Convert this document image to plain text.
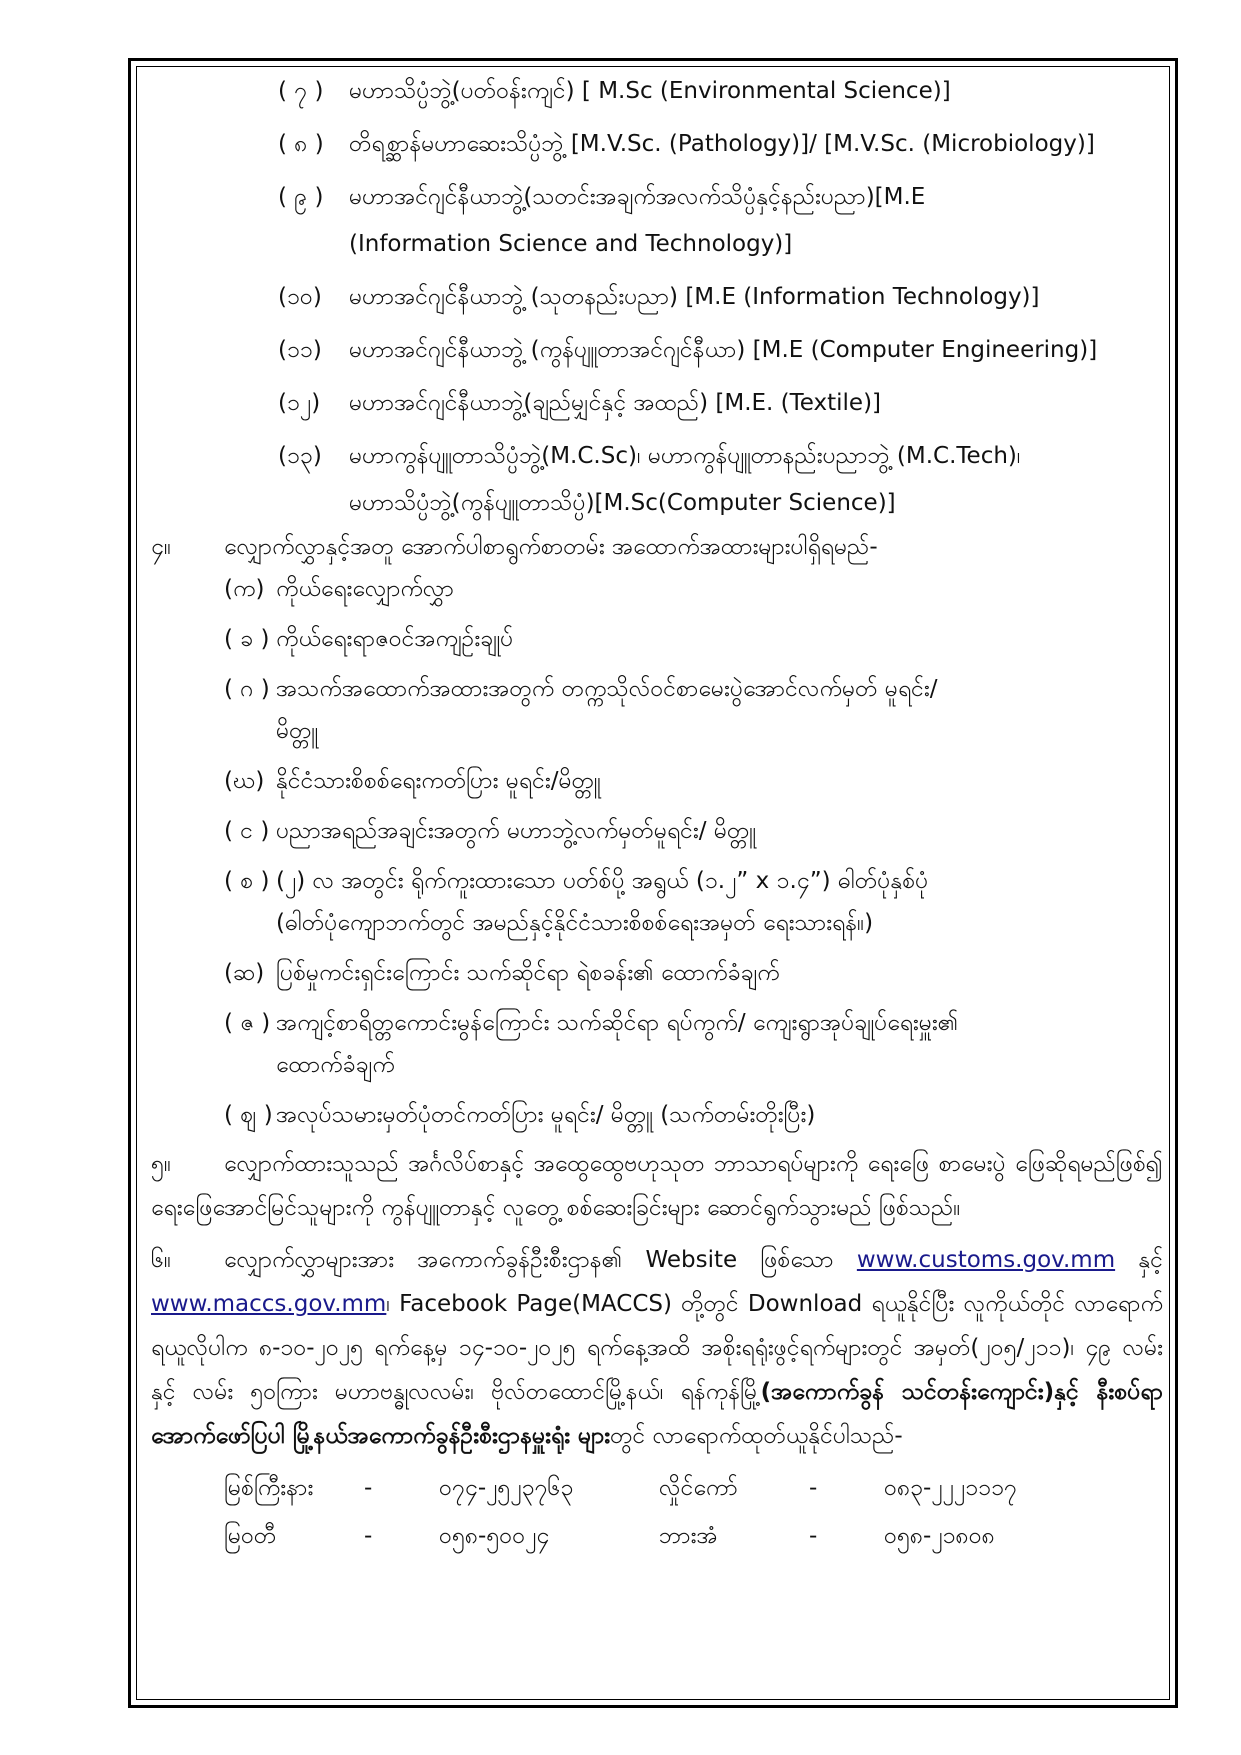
( ၇ )	မဟာသိပ္ပံဘွဲ့(ပတ်ဝန်းကျင်) [ M.Sc (Environmental Science)]
( ၈ )	တိရစ္ဆာန်မဟာဆေးသိပ္ပံဘွဲ့ [M.V.Sc. (Pathology)]/ [M.V.Sc. (Microbiology)]
( ၉ )	မဟာအင်ဂျင်နီယာဘွဲ့(သတင်းအချက်အလက်သိပ္ပံနှင့်နည်းပညာ)[M.E
(Information Science and Technology)]
(၁၀)	မဟာအင်ဂျင်နီယာဘွဲ့ (သုတနည်းပညာ) [M.E (Information Technology)]
(၁၁)	မဟာအင်ဂျင်နီယာဘွဲ့ (ကွန်ပျူတာအင်ဂျင်နီယာ) [M.E (Computer Engineering)]
(၁၂)	မဟာအင်ဂျင်နီယာဘွဲ့(ချည်မျှင်နှင့် အထည်) [M.E. (Textile)]
(၁၃)	မဟာကွန်ပျူတာသိပ္ပံဘွဲ့(M.C.Sc)၊ မဟာကွန်ပျူတာနည်းပညာဘွဲ့ (M.C.Tech)၊
မဟာသိပ္ပံဘွဲ့(ကွန်ပျူတာသိပ္ပံ)[M.Sc(Computer Science)]
၄။	လျှောက်လွှာနှင့်အတူ အောက်ပါစာရွက်စာတမ်း အထောက်အထားများပါရှိရမည်-
(က) ကိုယ်ရေးလျှောက်လွှာ
( ခ ) ကိုယ်ရေးရာဇဝင်အကျဉ်းချုပ်
( ဂ ) အသက်အထောက်အထားအတွက် တက္ကသိုလ်ဝင်စာမေးပွဲအောင်လက်မှတ် မူရင်း/
မိတ္တူ
(ဃ) နိုင်ငံသားစိစစ်ရေးကတ်ပြား မူရင်း/မိတ္တူ
( င ) ပညာအရည်အချင်းအတွက် မဟာဘွဲ့လက်မှတ်မူရင်း/ မိတ္တူ
( စ ) (၂) လ အတွင်း ရိုက်ကူးထားသော ပတ်စ်ပို့ အရွယ် (၁.၂” x ၁.၄”) ဓါတ်ပုံနှစ်ပုံ
(ဓါတ်ပုံကျောဘက်တွင် အမည်နှင့်နိုင်ငံသားစိစစ်ရေးအမှတ် ရေးသားရန်။)
(ဆ) ပြစ်မှုကင်းရှင်းကြောင်း သက်ဆိုင်ရာ ရဲစခန်း၏ ထောက်ခံချက်
( ဇ ) အကျင့်စာရိတ္တကောင်းမွန်ကြောင်း သက်ဆိုင်ရာ ရပ်ကွက်/ ကျေးရွာအုပ်ချုပ်ရေးမှူး၏
ထောက်ခံချက်
( ဈ ) အလုပ်သမားမှတ်ပုံတင်ကတ်ပြား မူရင်း/ မိတ္တူ (သက်တမ်းတိုးပြီး)
၅။ လျှောက်ထားသူသည် အင်္ဂလိပ်စာနှင့် အထွေထွေဗဟုသုတ ဘာသာရပ်များကို ရေးဖြေ စာမေးပွဲ ဖြေဆိုရမည်ဖြစ်၍ ရေးဖြေအောင်မြင်သူများကို ကွန်ပျူတာနှင့် လူတွေ့ စစ်ဆေးခြင်းများ ဆောင်ရွက်သွားမည် ဖြစ်သည်။
၆။ လျှောက်လွှာများအား အကောက်ခွန်ဦးစီးဌာန၏ Website ဖြစ်သော www.customs.gov.mm နှင့် www.maccs.gov.mm၊ Facebook Page(MACCS) တို့တွင် Download ရယူနိုင်ပြီး လူကိုယ်တိုင် လာရောက်ရယူလိုပါက ၈-၁၀-၂၀၂၅ ရက်နေ့မှ ၁၄-၁၀-၂၀၂၅ ရက်နေ့အထိ အစိုးရရုံးဖွင့်ရက်များတွင် အမှတ်(၂၀၅/၂၁၁)၊ ၄၉ လမ်း နှင့် လမ်း ၅၀ကြား မဟာဗန္ဓုလလမ်း၊ ဗိုလ်တထောင်မြို့နယ်၊ ရန်ကုန်မြို့(အကောက်ခွန် သင်တန်းကျောင်း)နှင့် နီးစပ်ရာ အောက်ဖော်ပြပါ မြို့နယ်အကောက်ခွန်ဦးစီးဌာနမှူးရုံး များတွင် လာရောက်ထုတ်ယူနိုင်ပါသည်-
မြစ်ကြီးနား	-	၀၇၄-၂၅၂၃၇၆၃	လှိုင်ကော်	-	၀၈၃-၂၂၂၁၁၁၇
မြဝတီ	-	၀၅၈-၅၀၀၂၄	ဘားအံ	-	၀၅၈-၂၁၈၀၈
